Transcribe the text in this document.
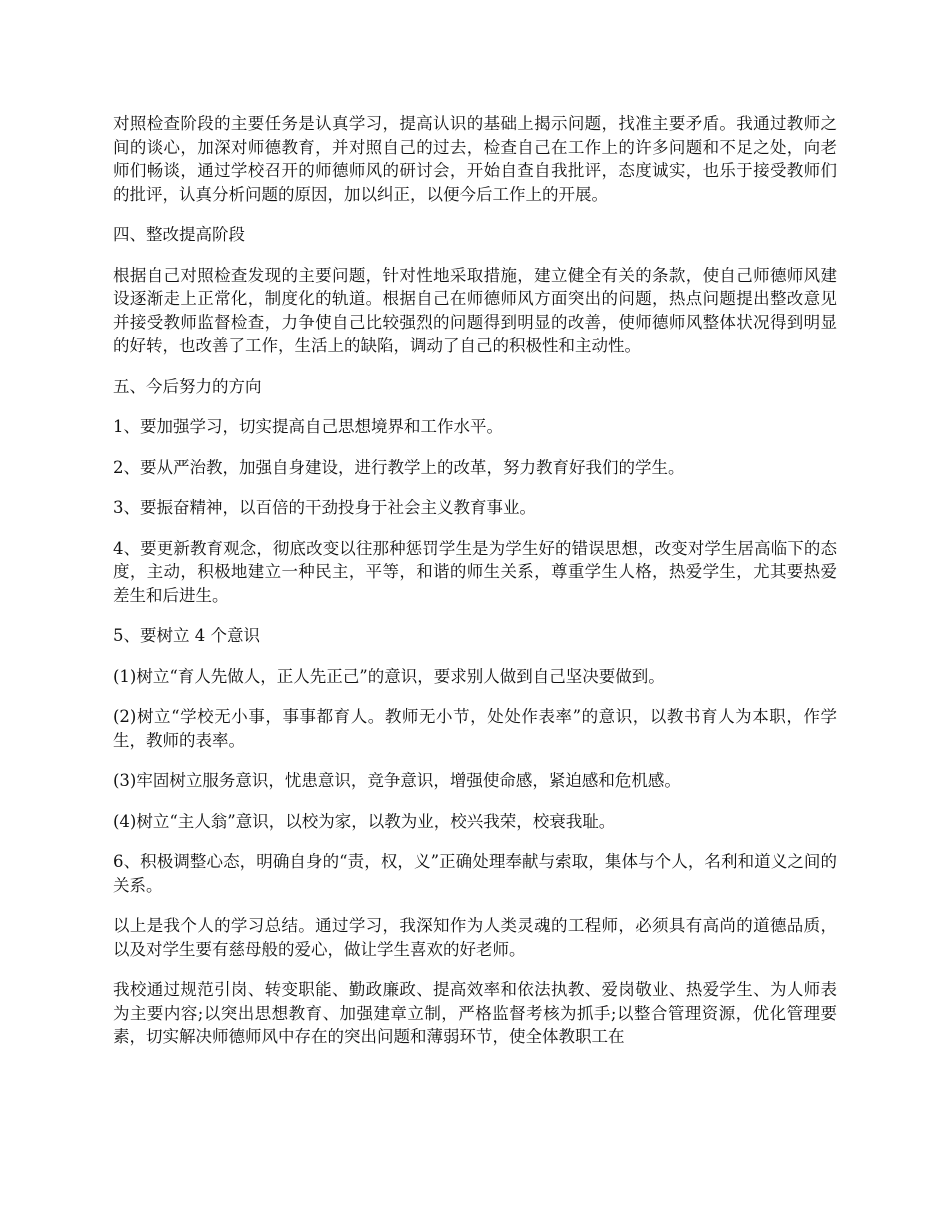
对照检查阶段的主要任务是认真学习，提高认识的基础上揭示问题，找准主要矛盾。我通过教师之间的谈心，加深对师德教育，并对照自己的过去，检查自己在工作上的许多问题和不足之处，向老师们畅谈，通过学校召开的师德师风的研讨会，开始自查自我批评，态度诚实，也乐于接受教师们的批评，认真分析问题的原因，加以纠正，以便今后工作上的开展。

四、整改提高阶段

根据自己对照检查发现的主要问题，针对性地采取措施，建立健全有关的条款，使自己师德师风建设逐渐走上正常化，制度化的轨道。根据自己在师德师风方面突出的问题，热点问题提出整改意见并接受教师监督检查，力争使自己比较强烈的问题得到明显的改善，使师德师风整体状况得到明显的好转，也改善了工作，生活上的缺陷，调动了自己的积极性和主动性。

五、今后努力的方向

1、要加强学习，切实提高自己思想境界和工作水平。

2、要从严治教，加强自身建设，进行教学上的改革，努力教育好我们的学生。

3、要振奋精神，以百倍的干劲投身于社会主义教育事业。

4、要更新教育观念，彻底改变以往那种惩罚学生是为学生好的错误思想，改变对学生居高临下的态度，主动，积极地建立一种民主，平等，和谐的师生关系，尊重学生人格，热爱学生，尤其要热爱差生和后进生。

5、要树立 4 个意识

(1)树立“育人先做人，正人先正己”的意识，要求别人做到自己坚决要做到。

(2)树立“学校无小事，事事都育人。教师无小节，处处作表率”的意识，以教书育人为本职，作学生，教师的表率。

(3)牢固树立服务意识，忧患意识，竞争意识，增强使命感，紧迫感和危机感。

(4)树立“主人翁”意识，以校为家，以教为业，校兴我荣，校衰我耻。

6、积极调整心态，明确自身的“责，权，义”正确处理奉献与索取，集体与个人，名利和道义之间的关系。

以上是我个人的学习总结。通过学习，我深知作为人类灵魂的工程师，必须具有高尚的道德品质，以及对学生要有慈母般的爱心，做让学生喜欢的好老师。

我校通过规范引岗、转变职能、勤政廉政、提高效率和依法执教、爱岗敬业、热爱学生、为人师表为主要内容;以突出思想教育、加强建章立制，严格监督考核为抓手;以整合管理资源，优化管理要素，切实解决师德师风中存在的突出问题和薄弱环节，使全体教职工在
